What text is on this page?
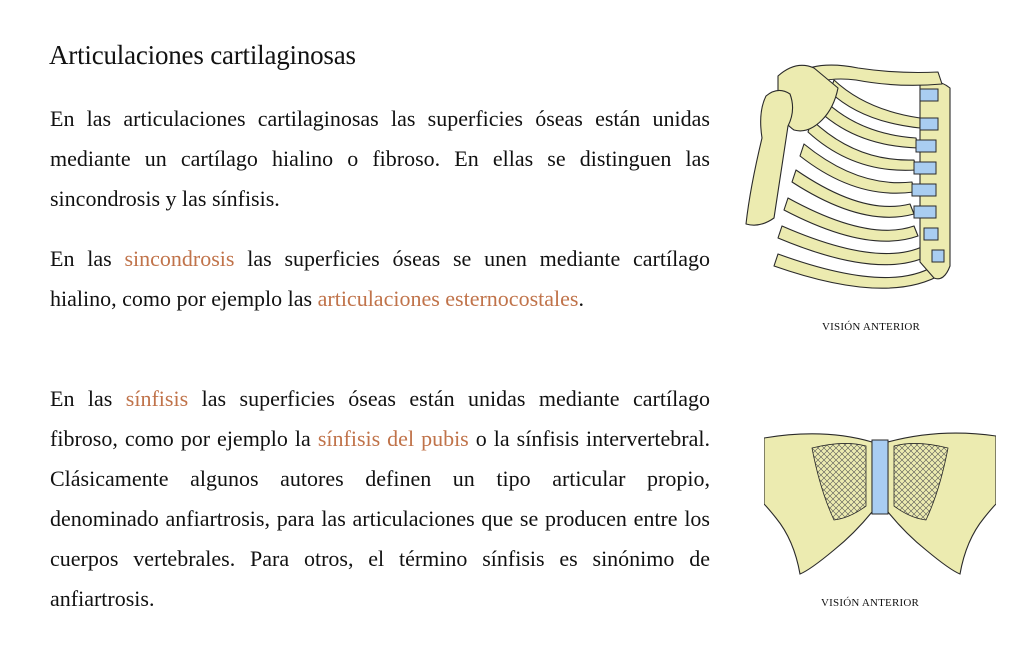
Articulaciones cartilaginosas

En las articulaciones cartilaginosas las superficies óseas están unidas mediante un cartílago hialino o fibroso. En ellas se distinguen las sincondrosis y las sínfisis.

En las sincondrosis las superficies óseas se unen mediante cartílago hialino, como por ejemplo las articulaciones esternocostales.

En las sínfisis las superficies óseas están unidas mediante cartílago fibroso, como por ejemplo la sínfisis del pubis o la sínfisis intervertebral. Clásicamente algunos autores definen un tipo articular propio, denominado anfiartrosis, para las articulaciones que se producen entre los cuerpos vertebrales. Para otros, el término sínfisis es sinónimo de anfiartrosis.

VISIÓN ANTERIOR
VISIÓN ANTERIOR
